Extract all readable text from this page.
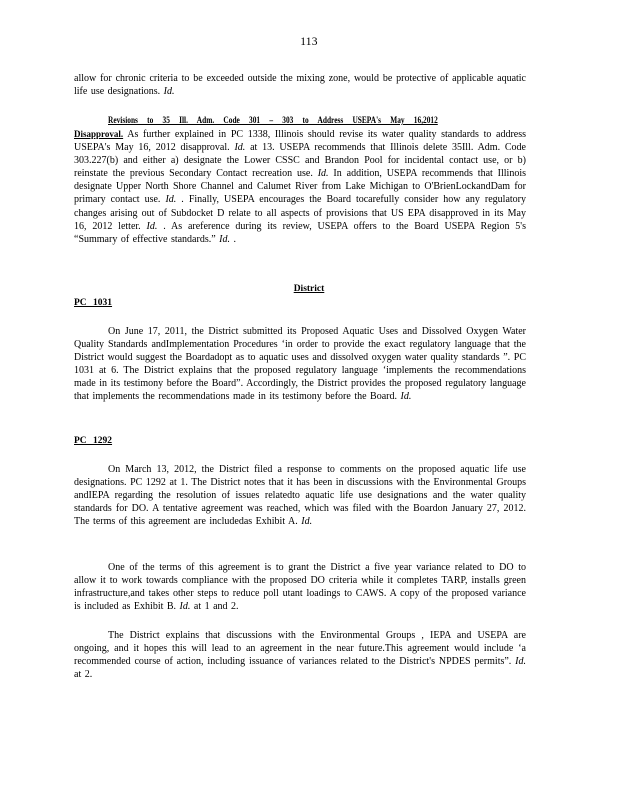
113

allow for chronic criteria to be exceeded outside the mixing zone, would be protective of applicable aquatic life use designations. Id.

Revisions to 35 Ill. Adm. Code 301 – 303 to Address USEPA's May 16,2012

Disapproval. As further explained in PC 1338, Illinois should revise its water quality standards to address USEPA's May 16, 2012 disapproval. Id. at 13. USEPA recommends that Illinois delete 35Ill. Adm. Code 303.227(b) and either a) designate the Lower CSSC and Brandon Pool for incidental contact use, or b) reinstate the previous Secondary Contact recreation use. Id. In addition, USEPA recommends that Illinois designate Upper North Shore Channel and Calumet River from Lake Michigan to O'BrienLockandDam for primary contact use. Id. . Finally, USEPA encourages the Board tocarefully consider how any regulatory changes arising out of Subdocket D relate to all aspects of provisions that US EPA disapproved in its May 16, 2012 letter. Id. . As areference during its review, USEPA offers to the Board USEPA Region 5's “Summary of effective standards.” Id. .

District
PC 1031

On June 17, 2011, the District submitted its Proposed Aquatic Uses and Dissolved Oxygen Water Quality Standards andImplementation Procedures ‘in order to provide the exact regulatory language that the District would suggest the Boardadopt as to aquatic uses and dissolved oxygen water quality standards ”. PC 1031 at 6. The District explains that the proposed regulatory language ‘implements the recommendations made in its testimony before the Board”. Accordingly, the District provides the proposed regulatory language that implements the recommendations made in its testimony before the Board. Id.

PC 1292

On March 13, 2012, the District filed a response to comments on the proposed aquatic life use designations. PC 1292 at 1. The District notes that it has been in discussions with the Environmental Groups andIEPA regarding the resolution of issues relatedto aquatic life use designations and the water quality standards for DO. A tentative agreement was reached, which was filed with the Boardon January 27, 2012. The terms of this agreement are includedas Exhibit A. Id.

One of the terms of this agreement is to grant the District a five year variance related to DO to allow it to work towards compliance with the proposed DO criteria while it completes TARP, installs green infrastructure,and takes other steps to reduce poll utant loadings to CAWS. A copy of the proposed variance is included as Exhibit B. Id. at 1 and 2.

The District explains that discussions with the Environmental Groups , IEPA and USEPA are ongoing, and it hopes this will lead to an agreement in the near future.This agreement would include ‘a recommended course of action, including issuance of variances related to the District's NPDES permits”. Id. at 2.
